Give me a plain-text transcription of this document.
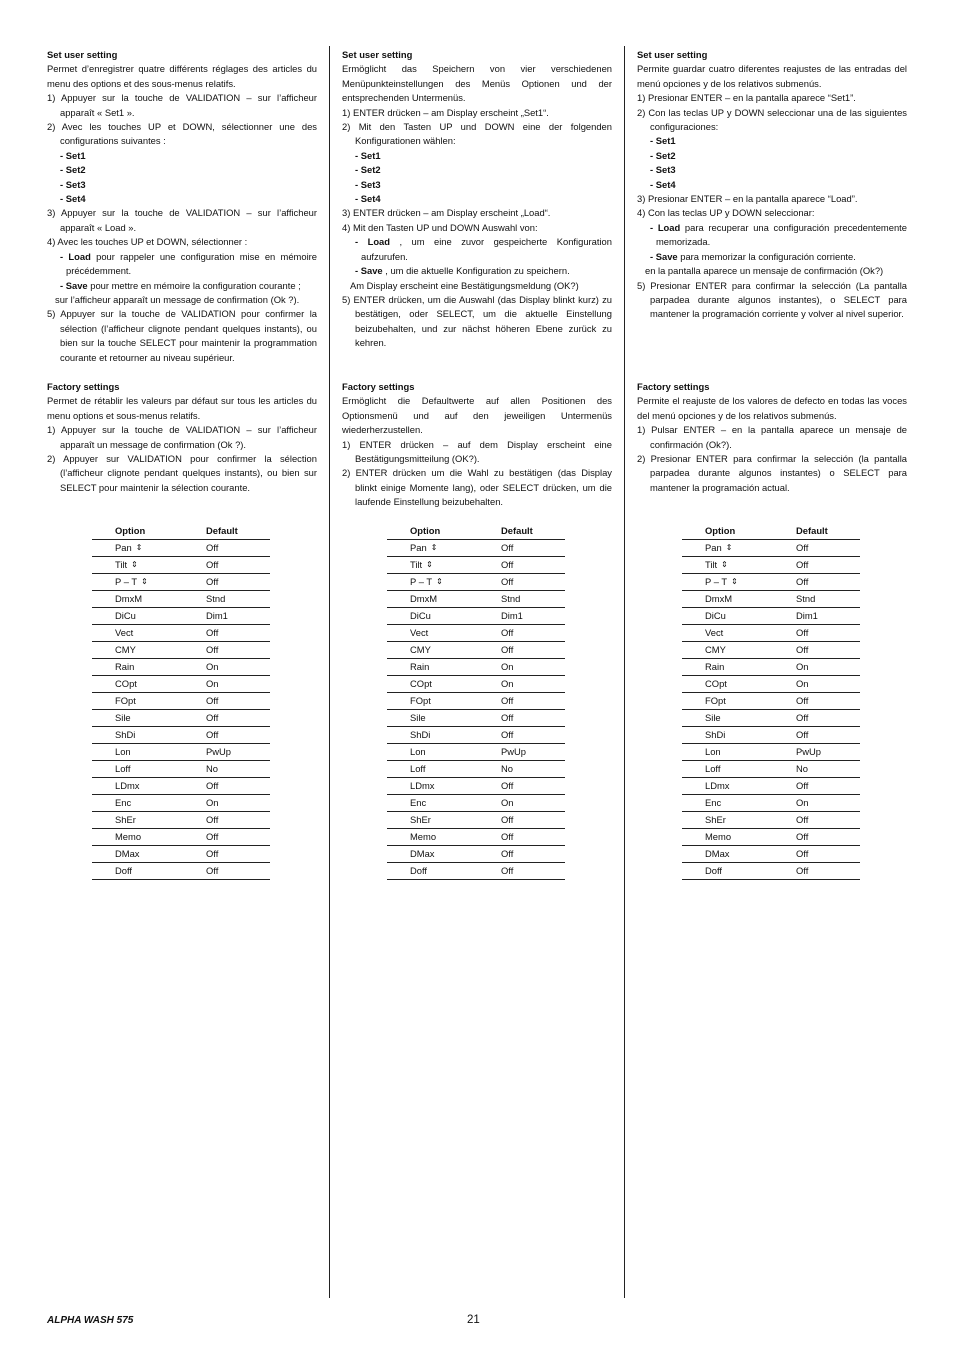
Set user setting
Permet d’enregistrer quatre différents réglages des articles du menu des options et des sous-menus relatifs.
1) Appuyer sur la touche de VALIDATION – sur l’afficheur apparaît « Set1 ».
2) Avec les touches UP et DOWN, sélectionner une des configurations suivantes :
- Set1
- Set2
- Set3
- Set4
3) Appuyer sur la touche de VALIDATION – sur l’afficheur apparaît « Load ».
4) Avec les touches UP et DOWN, sélectionner :
- Load pour rappeler une configuration mise en mémoire précédemment.
- Save pour mettre en mémoire la configuration courante ;
sur l’afficheur apparaît un message de confirmation (Ok ?).
5) Appuyer sur la touche de VALIDATION pour confirmer la sélection (l’afficheur clignote pendant quelques instants), ou bien sur la touche SELECT pour maintenir la programmation courante et retourner au niveau supérieur.
Factory settings
Permet de rétablir les valeurs par défaut sur tous les articles du menu options et sous-menus relatifs.
1) Appuyer sur la touche de VALIDATION – sur l’afficheur apparaît un message de confirmation (Ok ?).
2) Appuyer sur VALIDATION pour confirmer la sélection (l’afficheur clignote pendant quelques instants), ou bien sur SELECT pour maintenir la sélection courante.
Option	Default
Pan ⇕	Off
Tilt ⇕	Off
P – T ⇕	Off
DmxM	Stnd
DiCu	Dim1
Vect	Off
CMY	Off
Rain	On
COpt	On
FOpt	Off
Sile	Off
ShDi	Off
Lon	PwUp
Loff	No
LDmx	Off
Enc	On
ShEr	Off
Memo	Off
DMax	Off
Doff	Off
Set user setting
Ermöglicht das Speichern von vier verschiedenen Menüpunkteinstellungen des Menüs Optionen und der entsprechenden Untermenüs.
1) ENTER drücken – am Display erscheint „Set1“.
2) Mit den Tasten UP und DOWN eine der folgenden Konfigurationen wählen:
- Set1
- Set2
- Set3
- Set4
3) ENTER drücken – am Display erscheint „Load“.
4) Mit den Tasten UP und DOWN Auswahl von:
- Load , um eine zuvor gespeicherte Konfiguration aufzurufen.
- Save , um die aktuelle Konfiguration zu speichern.
Am Display erscheint eine Bestätigungsmeldung (OK?)
5) ENTER drücken, um die Auswahl (das Display blinkt kurz) zu bestätigen, oder SELECT, um die aktuelle Einstellung beizubehalten, und zur nächst höheren Ebene zurück zu kehren.
Factory settings
Ermöglicht die Defaultwerte auf allen Positionen des Optionsmenü und auf den jeweiligen Untermenüs wiederherzustellen.
1) ENTER drücken – auf dem Display erscheint eine Bestätigungsmitteilung (OK?).
2) ENTER drücken um die Wahl zu bestätigen (das Display blinkt einige Momente lang), oder SELECT drücken, um die laufende Einstellung beizubehalten.
Option	Default
Pan ⇕	Off
Tilt ⇕	Off
P – T ⇕	Off
DmxM	Stnd
DiCu	Dim1
Vect	Off
CMY	Off
Rain	On
COpt	On
FOpt	Off
Sile	Off
ShDi	Off
Lon	PwUp
Loff	No
LDmx	Off
Enc	On
ShEr	Off
Memo	Off
DMax	Off
Doff	Off
Set user setting
Permite guardar cuatro diferentes reajustes de las entradas del menú opciones y de los relativos submenús.
1) Presionar ENTER – en la pantalla aparece “Set1”.
2) Con las teclas UP y DOWN seleccionar una de las siguientes configuraciones:
- Set1
- Set2
- Set3
- Set4
3) Presionar ENTER – en la pantalla aparece “Load”.
4) Con las teclas UP y DOWN seleccionar:
- Load para recuperar una configuración precedentemente memorizada.
- Save para memorizar la configuración corriente.
en la pantalla aparece un mensaje de confirmación (Ok?)
5) Presionar ENTER para confirmar la selección (La pantalla parpadea durante algunos instantes), o SELECT para mantener la programación corriente y volver al nivel superior.
Factory settings
Permite el reajuste de los valores de defecto en todas las voces del menú opciones y de los relativos submenús.
1) Pulsar ENTER – en la pantalla aparece un mensaje de confirmación (Ok?).
2) Presionar ENTER para confirmar la selección (la pantalla parpadea durante algunos instantes) o SELECT para mantener la programación actual.
Option	Default
Pan ⇕	Off
Tilt ⇕	Off
P – T ⇕	Off
DmxM	Stnd
DiCu	Dim1
Vect	Off
CMY	Off
Rain	On
COpt	On
FOpt	Off
Sile	Off
ShDi	Off
Lon	PwUp
Loff	No
LDmx	Off
Enc	On
ShEr	Off
Memo	Off
DMax	Off
Doff	Off
ALPHA WASH 575	21
